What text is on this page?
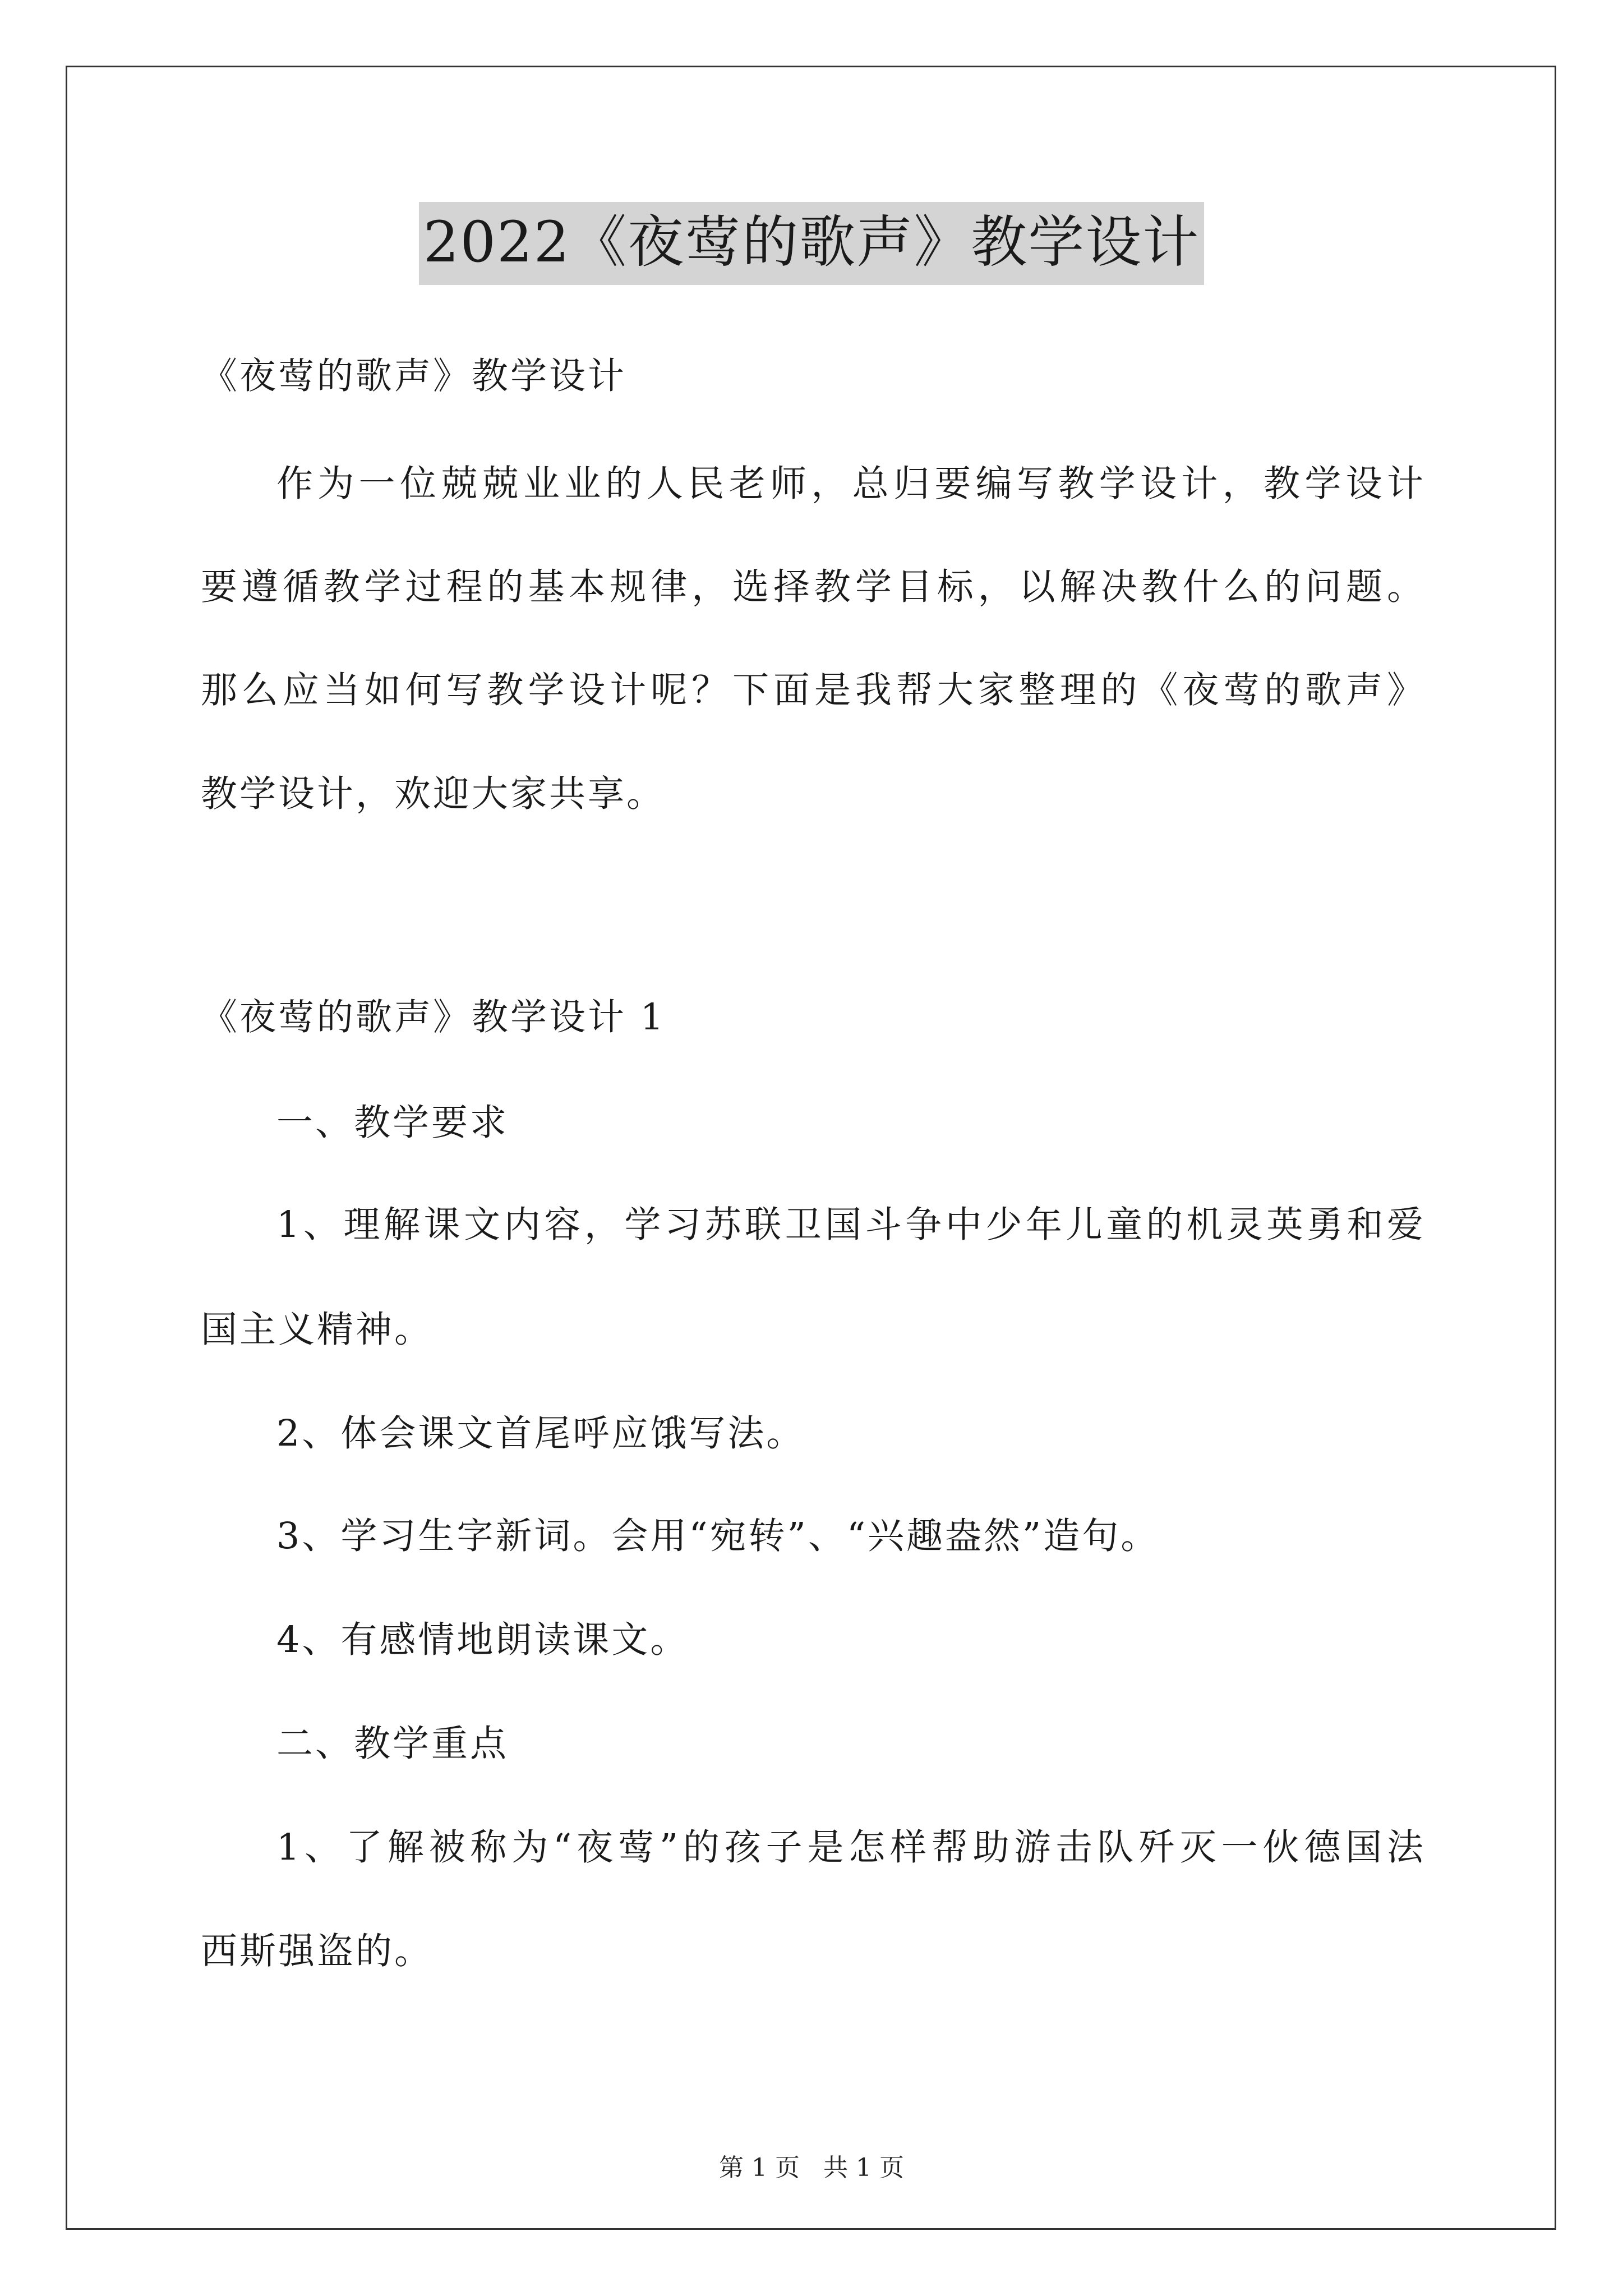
2022《夜莺的歌声》教学设计
《夜莺的歌声》教学设计
作为一位兢兢业业的人民老师，总归要编写教学设计，教学设计
要遵循教学过程的基本规律，选择教学目标，以解决教什么的问题。
那么应当如何写教学设计呢？下面是我帮大家整理的《夜莺的歌声》
教学设计，欢迎大家共享。
《夜莺的歌声》教学设计 1
一、教学要求
1、理解课文内容，学习苏联卫国斗争中少年儿童的机灵英勇和爱
国主义精神。
2、体会课文首尾呼应饿写法。
3、学习生字新词。会用“宛转”、“兴趣盎然”造句。
4、有感情地朗读课文。
二、教学重点
1、了解被称为“夜莺”的孩子是怎样帮助游击队歼灭一伙德国法
西斯强盗的。
第 1 页   共 1 页
